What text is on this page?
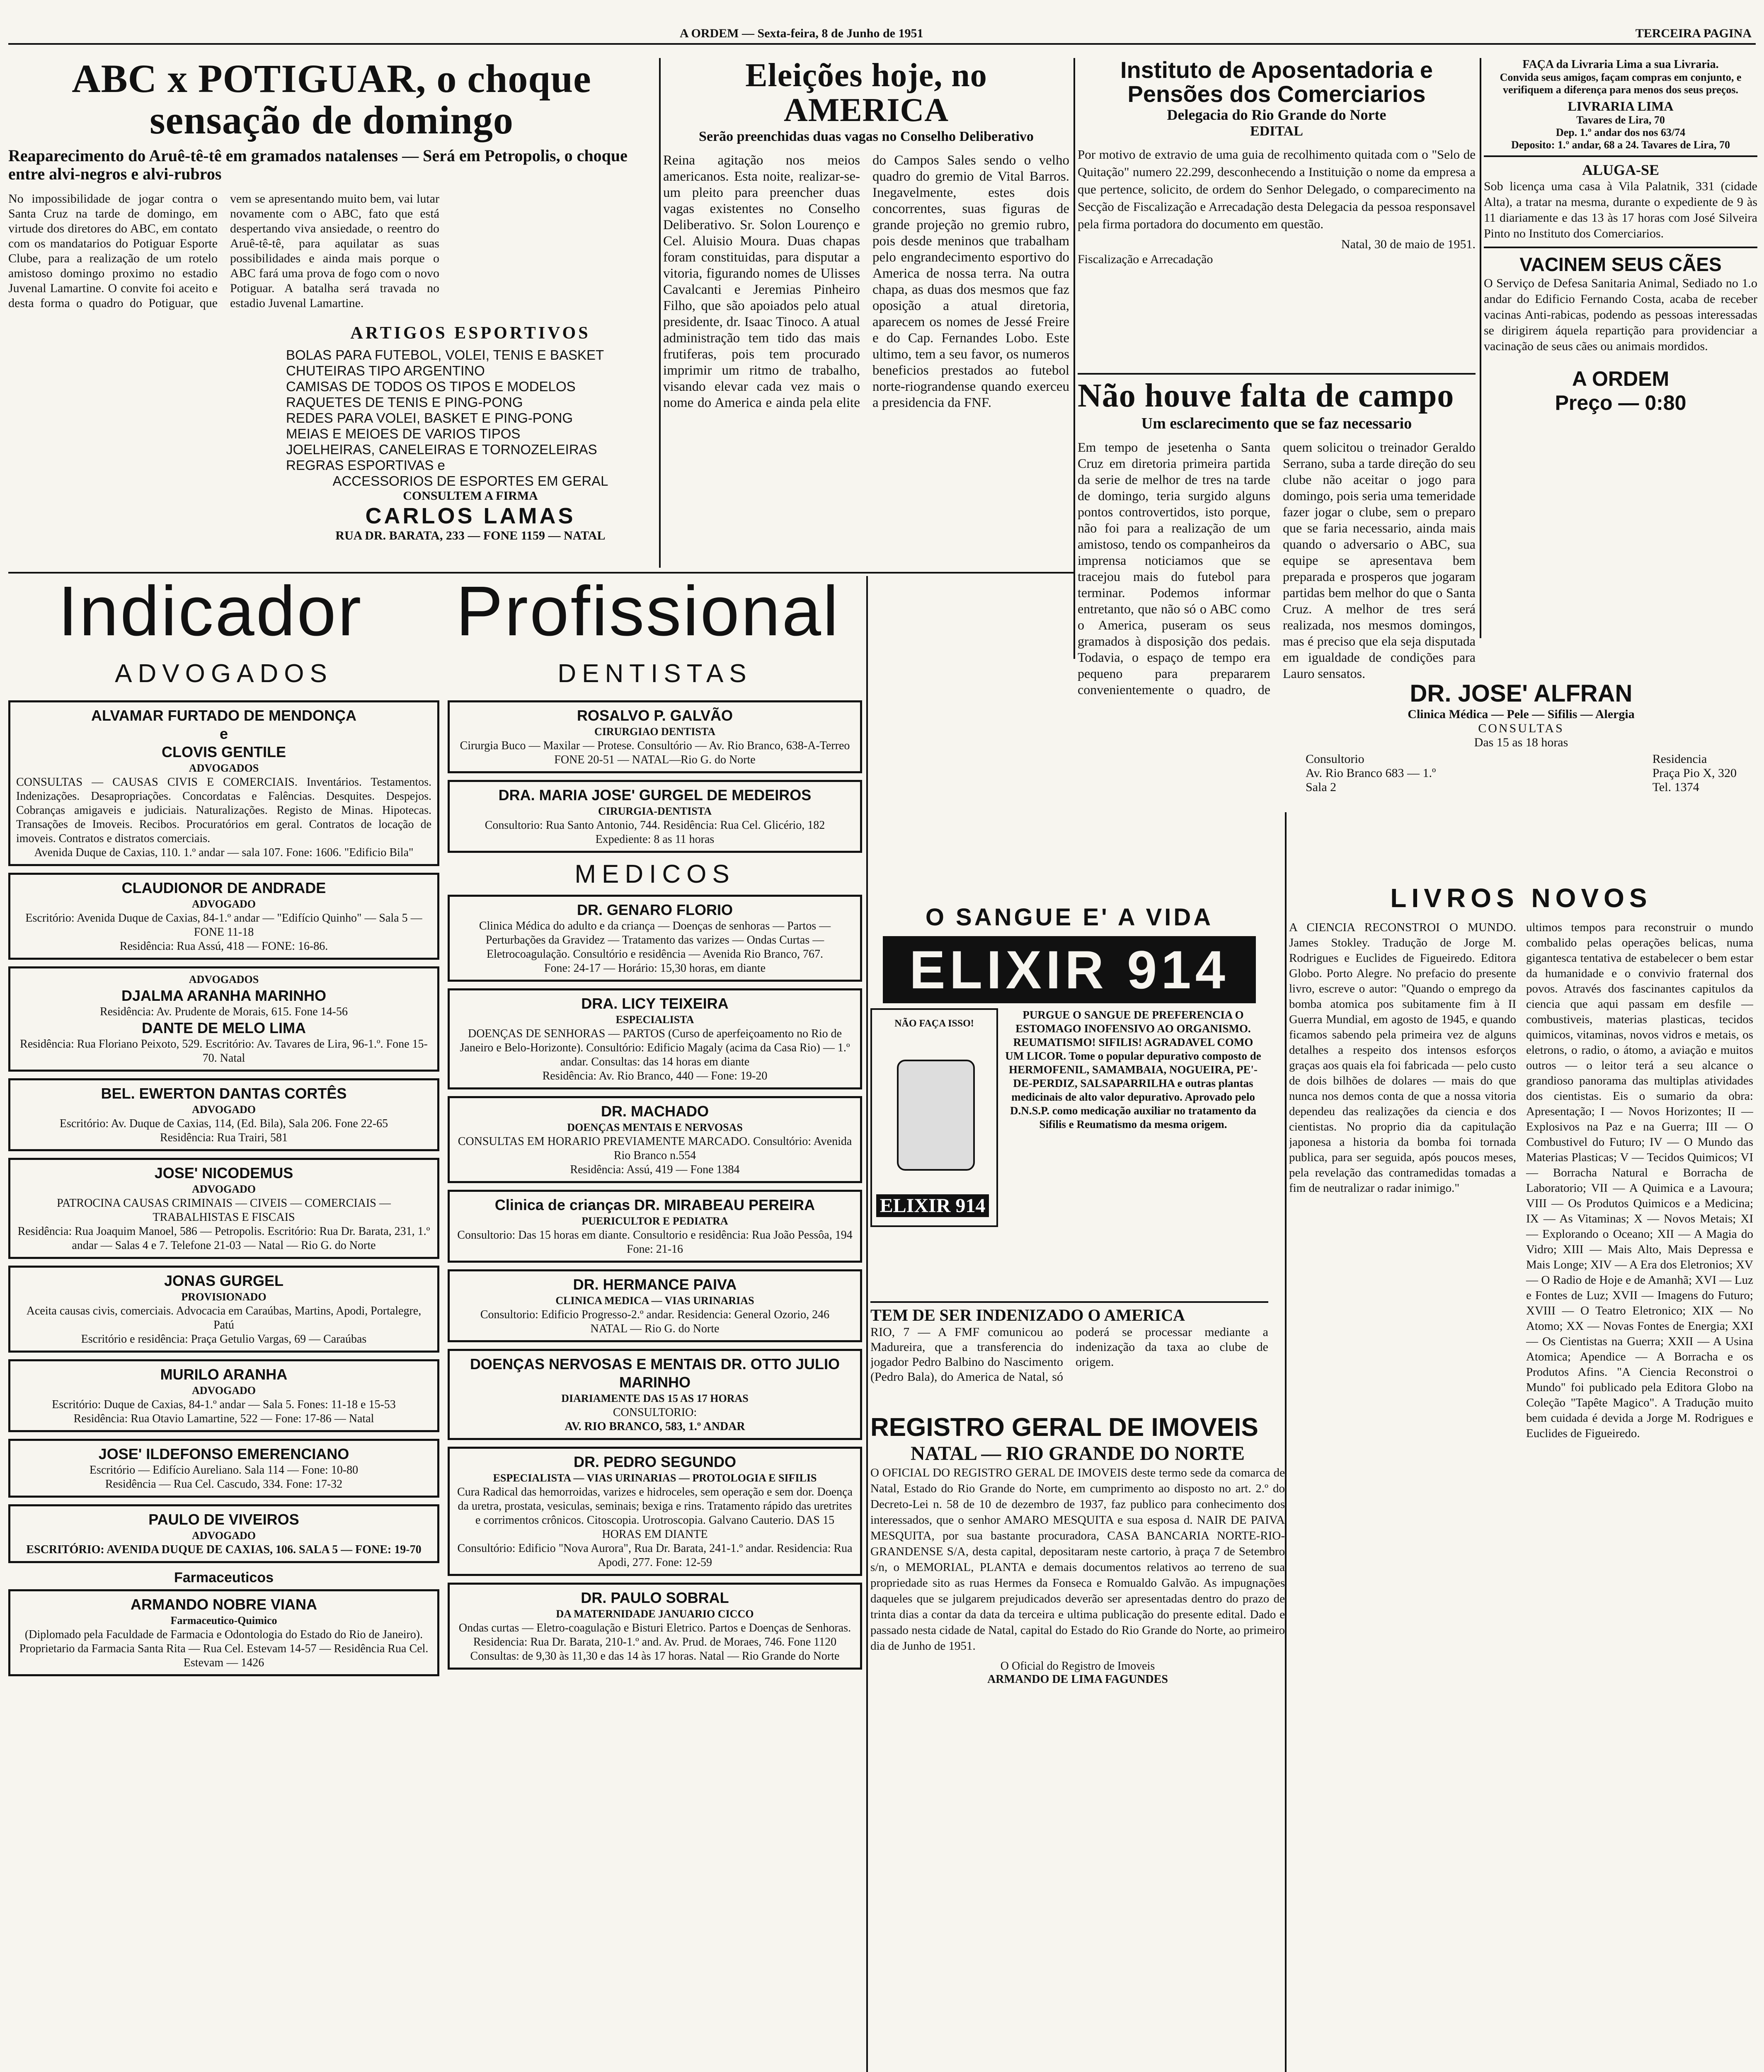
A ORDEM — Sexta-feira, 8 de Junho de 1951	TERCEIRA PAGINA
ABC x POTIGUAR, o choque sensação de domingo
Reaparecimento do Aruê-tê-tê em gramados natalenses — Será em Petropolis, o choque entre alvi-negros e alvi-rubros

No impossibilidade de jogar contra o Santa Cruz na tarde de domingo, em virtude dos diretores do ABC, em contato com os mandatarios do Potiguar Esporte Clube, para a realização de um rotelo amistoso domingo proximo no estadio Juvenal Lamartine. O convite foi aceito e desta forma o quadro do Potiguar, que vem se apresentando muito bem, vai lutar novamente com o ABC, fato que está despertando viva ansiedade, o reentro do Aruê-tê-tê, para aquilatar as suas possibilidades e ainda mais porque o ABC fará uma prova de fogo com o novo Potiguar. A batalha será travada no estadio Juvenal Lamartine.

ARTIGOS ESPORTIVOS
BOLAS PARA FUTEBOL, VOLEI, TENIS E BASKET
CHUTEIRAS TIPO ARGENTINO
CAMISAS DE TODOS OS TIPOS E MODELOS
RAQUETES DE TENIS E PING-PONG
REDES PARA VOLEI, BASKET E PING-PONG
MEIAS E MEIOES DE VARIOS TIPOS
JOELHEIRAS, CANELEIRAS E TORNOZELEIRAS
REGRAS ESPORTIVAS e
ACCESSORIOS DE ESPORTES EM GERAL
CONSULTEM A FIRMA
CARLOS LAMAS
RUA DR. BARATA, 233 — FONE 1159 — NATAL
Eleições hoje, no AMERICA
Serão preenchidas duas vagas no Conselho Deliberativo

Reina agitação nos meios americanos. Esta noite, realizar-se-um pleito para preencher duas vagas existentes no Conselho Deliberativo. Sr. Solon Lourenço e Cel. Aluisio Moura. Duas chapas foram constituidas, para disputar a vitoria, figurando nomes de Ulisses Cavalcanti e Jeremias Pinheiro Filho, que são apoiados pelo atual presidente, dr. Isaac Tinoco. A atual administração tem tido das mais frutiferas, pois tem procurado imprimir um ritmo de trabalho, visando elevar cada vez mais o nome do America e ainda pela elite do Campos Sales sendo o velho quadro do gremio de Vital Barros. Inegavelmente, estes dois concorrentes, suas figuras de grande projeção no gremio rubro, pois desde meninos que trabalham pelo engrandecimento esportivo do America de nossa terra. Na outra chapa, as duas dos mesmos que faz oposição a atual diretoria, aparecem os nomes de Jessé Freire e do Cap. Fernandes Lobo. Este ultimo, tem a seu favor, os numeros beneficios prestados ao futebol norte-riograndense quando exerceu a presidencia da FNF.

Instituto de Aposentadoria e Pensões dos Comerciarios
Delegacia do Rio Grande do Norte
EDITAL

Por motivo de extravio de uma guia de recolhimento quitada com o "Selo de Quitação" numero 22.299, desconhecendo a Instituição o nome da empresa a que pertence, solicito, de ordem do Senhor Delegado, o comparecimento na Secção de Fiscalização e Arrecadação desta Delegacia da pessoa responsavel pela firma portadora do documento em questão.

Natal, 30 de maio de 1951.

Fiscalização e Arrecadação

Não houve falta de campo
Um esclarecimento que se faz necessario

Em tempo de jesetenha o Santa Cruz em diretoria primeira partida da serie de melhor de tres na tarde de domingo, teria surgido alguns pontos controvertidos, isto porque, não foi para a realização de um amistoso, tendo os companheiros da imprensa noticiamos que se tracejou mais do futebol para terminar. Podemos informar entretanto, que não só o ABC como o America, puseram os seus gramados à disposição dos pedais. Todavia, o espaço de tempo era pequeno para prepararem convenientemente o quadro, de quem solicitou o treinador Geraldo Serrano, suba a tarde direção do seu clube não aceitar o jogo para domingo, pois seria uma temeridade fazer jogar o clube, sem o preparo que se faria necessario, ainda mais quando o adversario o ABC, sua equipe se apresentava bem preparada e prosperos que jogaram partidas bem melhor do que o Santa Cruz. A melhor de tres será realizada, nos mesmos domingos, mas é preciso que ela seja disputada em igualdade de condições para Lauro sensatos.

FAÇA da Livraria Lima a sua Livraria.
Convida seus amigos, façam compras em conjunto, e verifiquem a diferença para menos dos seus preços.
LIVRARIA LIMA
Tavares de Lira, 70
Dep. 1.º andar dos nos 63/74
Deposito: 1.º andar, 68 a 24. Tavares de Lira, 70
ALUGA-SE

Sob licença uma casa à Vila Palatnik, 331 (cidade Alta), a tratar na mesma, durante o expediente de 9 às 11 diariamente e das 13 às 17 horas com José Silveira Pinto no Instituto dos Comerciarios.

VACINEM SEUS CÃES

O Serviço de Defesa Sanitaria Animal, Sediado no 1.o andar do Edificio Fernando Costa, acaba de receber vacinas Anti-rabicas, podendo as pessoas interessadas se dirigirem áquela repartição para providenciar a vacinação de seus cães ou animais mordidos.

A ORDEM
Preço — 0:80
Indicador Profissional
ADVOGADOS	DENTISTAS
ALVAMAR FURTADO DE MENDONÇA
e
CLOVIS GENTILE
ADVOGADOS
CONSULTAS — CAUSAS CIVIS E COMERCIAIS. Inventários. Testamentos. Indenizações. Desapropriações. Concordatas e Falências. Desquites. Despejos. Cobranças amigaveis e judiciais. Naturalizações. Registo de Minas. Hipotecas. Transações de Imoveis. Recibos. Procuratórios em geral. Contratos de locação de imoveis. Contratos e distratos comerciais.

Avenida Duque de Caxias, 110. 1.º andar — sala 107. Fone: 1606. "Edificio Bila"

CLAUDIONOR DE ANDRADE
ADVOGADO

Escritório: Avenida Duque de Caxias, 84-1.º andar — "Edifício Quinho" — Sala 5 — FONE 11-18

Residência: Rua Assú, 418 — FONE: 16-86.

ADVOGADOS
DJALMA ARANHA MARINHO

Residência: Av. Prudente de Morais, 615. Fone 14-56

DANTE DE MELO LIMA

Residência: Rua Floriano Peixoto, 529. Escritório: Av. Tavares de Lira, 96-1.º. Fone 15-70. Natal

BEL. EWERTON DANTAS CORTÊS
ADVOGADO

Escritório: Av. Duque de Caxias, 114, (Ed. Bila), Sala 206. Fone 22-65

Residência: Rua Trairi, 581

JOSE' NICODEMUS
ADVOGADO

PATROCINA CAUSAS CRIMINAIS — CIVEIS — COMERCIAIS — TRABALHISTAS E FISCAIS

Residência: Rua Joaquim Manoel, 586 — Petropolis. Escritório: Rua Dr. Barata, 231, 1.º andar — Salas 4 e 7. Telefone 21-03 — Natal — Rio G. do Norte

JONAS GURGEL
PROVISIONADO

Aceita causas civis, comerciais. Advocacia em Caraúbas, Martins, Apodi, Portalegre, Patú

Escritório e residência: Praça Getulio Vargas, 69 — Caraúbas

MURILO ARANHA
ADVOGADO

Escritório: Duque de Caxias, 84-1.º andar — Sala 5. Fones: 11-18 e 15-53

Residência: Rua Otavio Lamartine, 522 — Fone: 17-86 — Natal

JOSE' ILDEFONSO EMERENCIANO

Escritório — Edifício Aureliano. Sala 114 — Fone: 10-80

Residência — Rua Cel. Cascudo, 334. Fone: 17-32

PAULO DE VIVEIROS
ADVOGADO

ESCRITÓRIO: AVENIDA DUQUE DE CAXIAS, 106. SALA 5 — FONE: 19-70

Farmaceuticos
ARMANDO NOBRE VIANA
Farmaceutico-Quimico

(Diplomado pela Faculdade de Farmacia e Odontologia do Estado do Rio de Janeiro). Proprietario da Farmacia Santa Rita — Rua Cel. Estevam 14-57 — Residência Rua Cel. Estevam — 1426

ROSALVO P. GALVÃO
CIRURGIAO DENTISTA

Cirurgia Buco — Maxilar — Protese. Consultório — Av. Rio Branco, 638-A-Terreo

FONE 20-51 — NATAL—Rio G. do Norte

DRA. MARIA JOSE' GURGEL DE MEDEIROS
CIRURGIA-DENTISTA

Consultorio: Rua Santo Antonio, 744. Residência: Rua Cel. Glicério, 182

Expediente: 8 as 11 horas

MEDICOS
DR. GENARO FLORIO

Clinica Médica do adulto e da criança — Doenças de senhoras — Partos — Perturbações da Gravidez — Tratamento das varizes — Ondas Curtas — Eletrocoagulação. Consultório e residência — Avenida Rio Branco, 767.

Fone: 24-17 — Horário: 15,30 horas, em diante

DRA. LICY TEIXEIRA
ESPECIALISTA

DOENÇAS DE SENHORAS — PARTOS (Curso de aperfeiçoamento no Rio de Janeiro e Belo-Horizonte). Consultório: Edificio Magaly (acima da Casa Rio) — 1.º andar. Consultas: das 14 horas em diante

Residência: Av. Rio Branco, 440 — Fone: 19-20

DR. MACHADO
DOENÇAS MENTAIS E NERVOSAS

CONSULTAS EM HORARIO PREVIAMENTE MARCADO. Consultório: Avenida Rio Branco n.554

Residência: Assú, 419 — Fone 1384

Clinica de crianças DR. MIRABEAU PEREIRA
PUERICULTOR E PEDIATRA

Consultorio: Das 15 horas em diante. Consultorio e residência: Rua João Pessôa, 194

Fone: 21-16

DR. HERMANCE PAIVA
CLINICA MEDICA — VIAS URINARIAS

Consultorio: Edificio Progresso-2.º andar. Residencia: General Ozorio, 246

NATAL — Rio G. do Norte

DOENÇAS NERVOSAS E MENTAIS DR. OTTO JULIO MARINHO
DIARIAMENTE DAS 15 AS 17 HORAS

CONSULTORIO:

AV. RIO BRANCO, 583, 1.º ANDAR

DR. PEDRO SEGUNDO
ESPECIALISTA — VIAS URINARIAS — PROTOLOGIA E SIFILIS

Cura Radical das hemorroidas, varizes e hidroceles, sem operação e sem dor. Doença da uretra, prostata, vesiculas, seminais; bexiga e rins. Tratamento rápido das uretrites e corrimentos crônicos. Citoscopia. Urotroscopia. Galvano Cauterio. DAS 15 HORAS EM DIANTE

Consultório: Edificio "Nova Aurora", Rua Dr. Barata, 241-1.º andar. Residencia: Rua Apodi, 277. Fone: 12-59

DR. PAULO SOBRAL
DA MATERNIDADE JANUARIO CICCO

Ondas curtas — Eletro-coagulação e Bisturi Eletrico. Partos e Doenças de Senhoras. Residencia: Rua Dr. Barata, 210-1.º and. Av. Prud. de Moraes, 746. Fone 1120

Consultas: de 9,30 às 11,30 e das 14 às 17 horas. Natal — Rio Grande do Norte

O SANGUE E' A VIDA
ELIXIR 914
NÃO FAÇA ISSO!
ELIXIR 914

PURGUE O SANGUE DE PREFERENCIA O ESTOMAGO INOFENSIVO AO ORGANISMO. REUMATISMO! SIFILIS! AGRADAVEL COMO UM LICOR. Tome o popular depurativo composto de HERMOFENIL, SAMAMBAIA, NOGUEIRA, PE'-DE-PERDIZ, SALSAPARRILHA e outras plantas medicinais de alto valor depurativo. Aprovado pelo D.N.S.P. como medicação auxiliar no tratamento da Sifilis e Reumatismo da mesma origem.

TEM DE SER INDENIZADO O AMERICA

RIO, 7 — A FMF comunicou ao Madureira, que a transferencia do jogador Pedro Balbino do Nascimento (Pedro Bala), do America de Natal, só poderá se processar mediante a indenização da taxa ao clube de origem.

REGISTRO GERAL DE IMOVEIS
NATAL — RIO GRANDE DO NORTE

O OFICIAL DO REGISTRO GERAL DE IMOVEIS deste termo sede da comarca de Natal, Estado do Rio Grande do Norte, em cumprimento ao disposto no art. 2.º do Decreto-Lei n. 58 de 10 de dezembro de 1937, faz publico para conhecimento dos interessados, que o senhor AMARO MESQUITA e sua esposa d. NAIR DE PAIVA MESQUITA, por sua bastante procuradora, CASA BANCARIA NORTE-RIO-GRANDENSE S/A, desta capital, depositaram neste cartorio, à praça 7 de Setembro s/n, o MEMORIAL, PLANTA e demais documentos relativos ao terreno de sua propriedade sito as ruas Hermes da Fonseca e Romualdo Galvão. As impugnações daqueles que se julgarem prejudicados deverão ser apresentadas dentro do prazo de trinta dias a contar da data da terceira e ultima publicação do presente edital. Dado e passado nesta cidade de Natal, capital do Estado do Rio Grande do Norte, ao primeiro dia de Junho de 1951.

O Oficial do Registro de Imoveis

ARMANDO DE LIMA FAGUNDES

DR. JOSE' ALFRAN
Clinica Médica — Pele — Sifilis — Alergia
CONSULTAS
Das 15 as 18 horas
Consultorio
Av. Rio Branco 683 — 1.º
Sala 2
Residencia
Praça Pio X, 320
Tel. 1374
LIVROS NOVOS

A CIENCIA RECONSTROI O MUNDO. James Stokley. Tradução de Jorge M. Rodrigues e Euclides de Figueiredo. Editora Globo. Porto Alegre. No prefacio do presente livro, escreve o autor: "Quando o emprego da bomba atomica pos subitamente fim à II Guerra Mundial, em agosto de 1945, e quando ficamos sabendo pela primeira vez de alguns detalhes a respeito dos intensos esforços graças aos quais ela foi fabricada — pelo custo de dois bilhões de dolares — mais do que nunca nos demos conta de que a nossa vitoria dependeu das realizações da ciencia e dos cientistas. No proprio dia da capitulação japonesa a historia da bomba foi tornada publica, para ser seguida, após poucos meses, pela revelação das contramedidas tomadas a fim de neutralizar o radar inimigo."

ultimos tempos para reconstruir o mundo combalido pelas operações belicas, numa gigantesca tentativa de estabelecer o bem estar da humanidade e o convivio fraternal dos povos. Através dos fascinantes capitulos da ciencia que aqui passam em desfile — combustiveis, materias plasticas, tecidos quimicos, vitaminas, novos vidros e metais, os eletrons, o radio, o átomo, a aviação e muitos outros — o leitor terá a seu alcance o grandioso panorama das multiplas atividades dos cientistas. Eis o sumario da obra: Apresentação; I — Novos Horizontes; II — Explosivos na Paz e na Guerra; III — O Combustivel do Futuro; IV — O Mundo das Materias Plasticas; V — Tecidos Quimicos; VI — Borracha Natural e Borracha de Laboratorio; VII — A Quimica e a Lavoura; VIII — Os Produtos Quimicos e a Medicina; IX — As Vitaminas; X — Novos Metais; XI — Explorando o Oceano; XII — A Magia do Vidro; XIII — Mais Alto, Mais Depressa e Mais Longe; XIV — A Era dos Eletronios; XV — O Radio de Hoje e de Amanhã; XVI — Luz e Fontes de Luz; XVII — Imagens do Futuro; XVIII — O Teatro Eletronico; XIX — No Atomo; XX — Novas Fontes de Energia; XXI — Os Cientistas na Guerra; XXII — A Usina Atomica; Apendice — A Borracha e os Produtos Afins. "A Ciencia Reconstroi o Mundo" foi publicado pela Editora Globo na Coleção "Tapête Magico". A Tradução muito bem cuidada é devida a Jorge M. Rodrigues e Euclides de Figueiredo.
